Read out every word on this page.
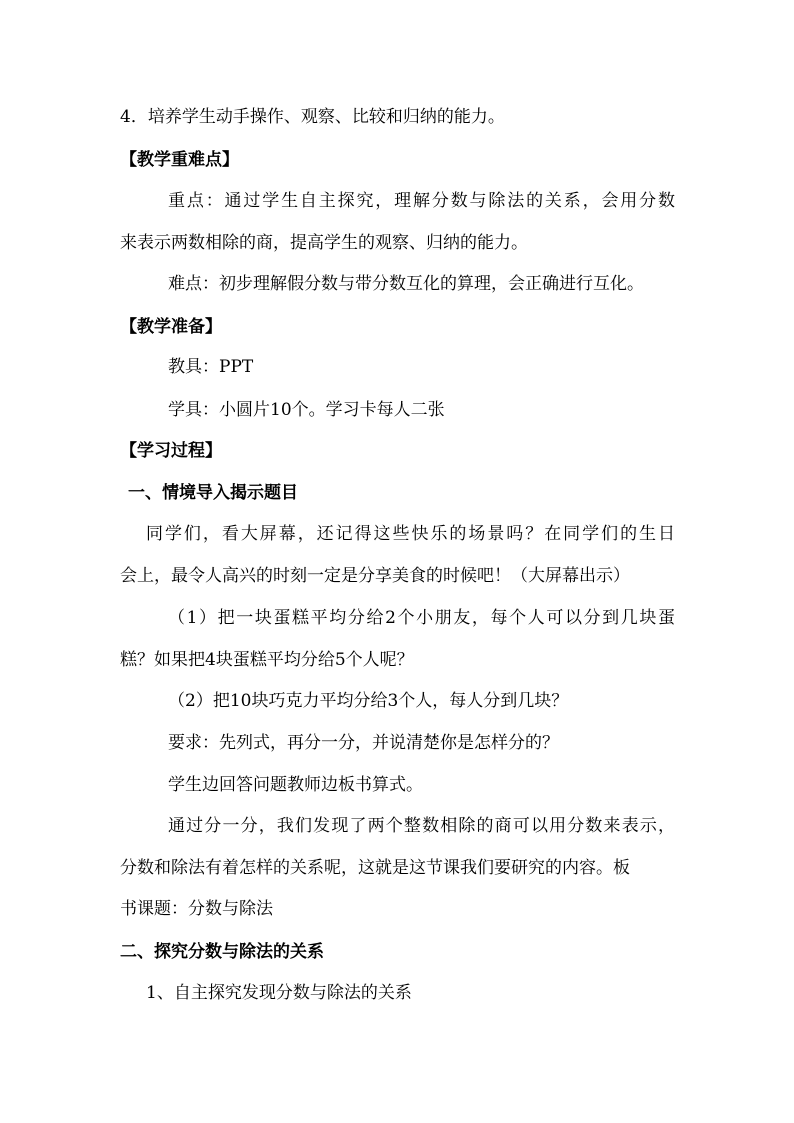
4．培养学生动手操作、观察、比较和归纳的能力。
【教学重难点】
重点：通过学生自主探究，理解分数与除法的关系，会用分数
来表示两数相除的商，提高学生的观察、归纳的能力。
难点：初步理解假分数与带分数互化的算理，会正确进行互化。
【教学准备】
教具：PPT
学具：小圆片10个。学习卡每人二张
【学习过程】
一、情境导入揭示题目
同学们，看大屏幕，还记得这些快乐的场景吗？在同学们的生日
会上，最令人高兴的时刻一定是分享美食的时候吧！（大屏幕出示）
（1）把一块蛋糕平均分给2个小朋友，每个人可以分到几块蛋
糕？如果把4块蛋糕平均分给5个人呢？
（2）把10块巧克力平均分给3个人，每人分到几块？
要求：先列式，再分一分，并说清楚你是怎样分的？
学生边回答问题教师边板书算式。
通过分一分，我们发现了两个整数相除的商可以用分数来表示，
分数和除法有着怎样的关系呢，这就是这节课我们要研究的内容。板
书课题：分数与除法
二、探究分数与除法的关系
1、自主探究发现分数与除法的关系
